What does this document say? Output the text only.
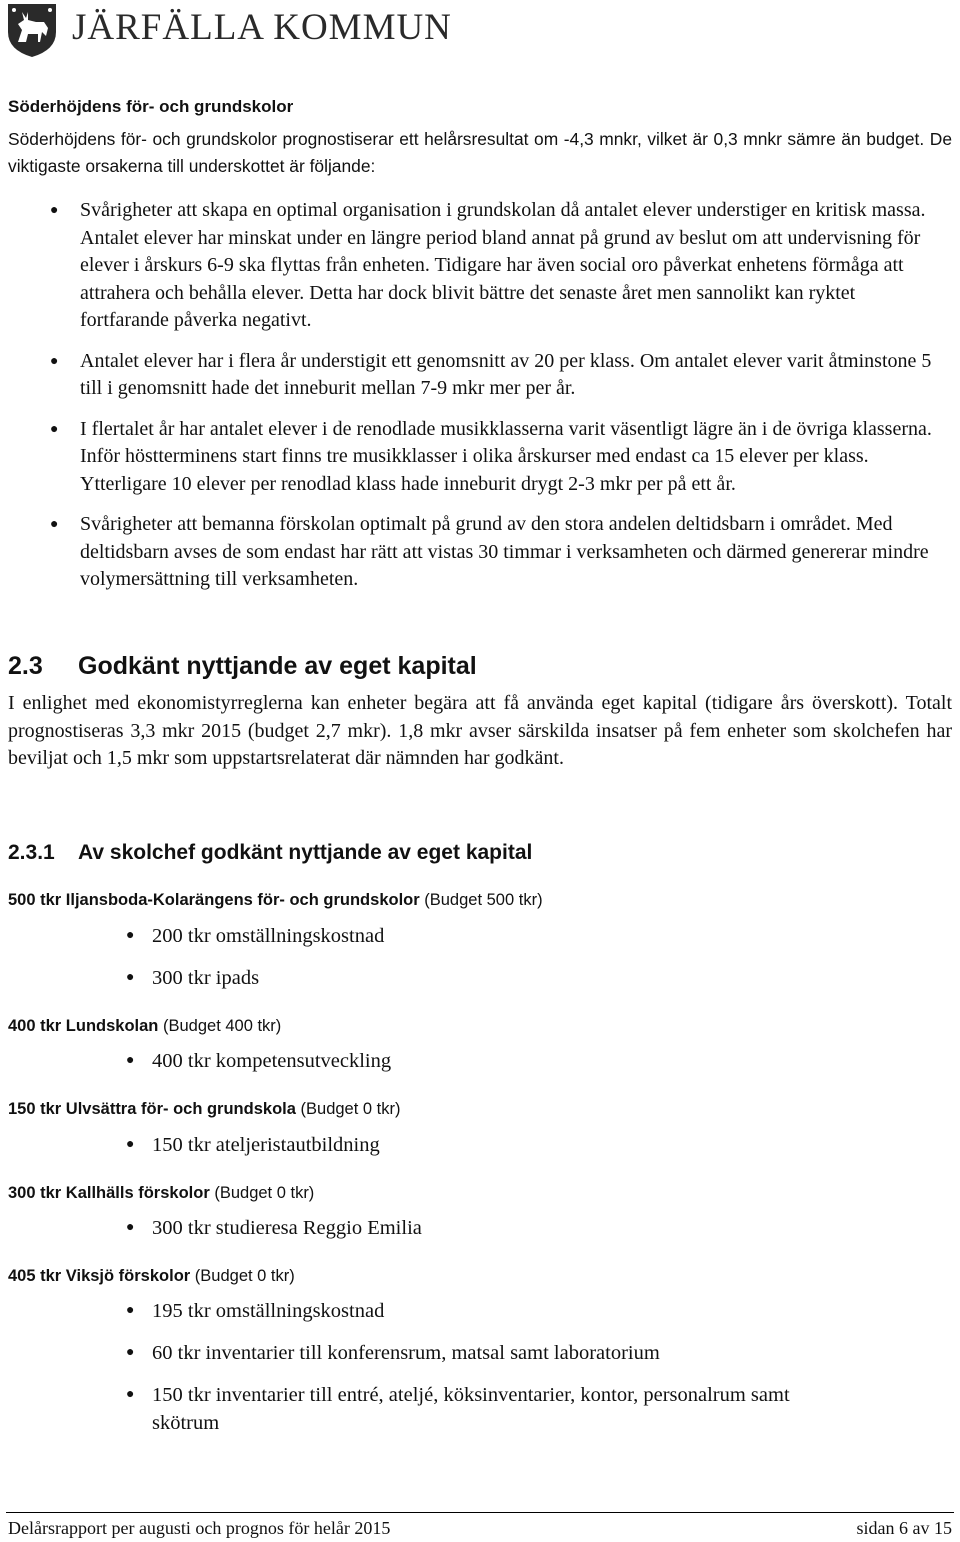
JÄRFÄLLA KOMMUN
Söderhöjdens för- och grundskolor
Söderhöjdens för- och grundskolor prognostiserar ett helårsresultat om -4,3 mnkr, vilket är 0,3 mnkr sämre än budget. De viktigaste orsakerna till underskottet är följande:
● Svårigheter att skapa en optimal organisation i grundskolan då antalet elever understiger en kritisk massa. Antalet elever har minskat under en längre period bland annat på grund av beslut om att undervisning för elever i årskurs 6-9 ska flyttas från enheten. Tidigare har även social oro påverkat enhetens förmåga att attrahera och behålla elever. Detta har dock blivit bättre det senaste året men sannolikt kan ryktet fortfarande påverka negativt.
● Antalet elever har i flera år understigit ett genomsnitt av 20 per klass. Om antalet elever varit åtminstone 5 till i genomsnitt hade det inneburit mellan 7-9 mkr mer per år.
● I flertalet år har antalet elever i de renodlade musikklasserna varit väsentligt lägre än i de övriga klasserna. Inför höstterminens start finns tre musikklasser i olika årskurser med endast ca 15 elever per klass. Ytterligare 10 elever per renodlad klass hade inneburit drygt 2-3 mkr per på ett år.
● Svårigheter att bemanna förskolan optimalt på grund av den stora andelen deltidsbarn i området. Med deltidsbarn avses de som endast har rätt att vistas 30 timmar i verksamheten och därmed genererar mindre volymersättning till verksamheten.
2.3 Godkänt nyttjande av eget kapital
I enlighet med ekonomistyrreglerna kan enheter begära att få använda eget kapital (tidigare års överskott). Totalt prognostiseras 3,3 mkr 2015 (budget 2,7 mkr). 1,8 mkr avser särskilda insatser på fem enheter som skolchefen har beviljat och 1,5 mkr som uppstartsrelaterat där nämnden har godkänt.
2.3.1 Av skolchef godkänt nyttjande av eget kapital
500 tkr Iljansboda-Kolarängens för- och grundskolor (Budget 500 tkr)
● 200 tkr omställningskostnad
● 300 tkr ipads
400 tkr Lundskolan (Budget 400 tkr)
● 400 tkr kompetensutveckling
150 tkr Ulvsättra för- och grundskola (Budget 0 tkr)
● 150 tkr ateljeristautbildning
300 tkr Kallhälls förskolor (Budget 0 tkr)
● 300 tkr studieresa Reggio Emilia
405 tkr Viksjö förskolor (Budget 0 tkr)
● 195 tkr omställningskostnad
● 60 tkr inventarier till konferensrum, matsal samt laboratorium
● 150 tkr inventarier till entré, ateljé, köksinventarier, kontor, personalrum samt skötrum
Delårsrapport per augusti och prognos för helår 2015	sidan 6 av 15
